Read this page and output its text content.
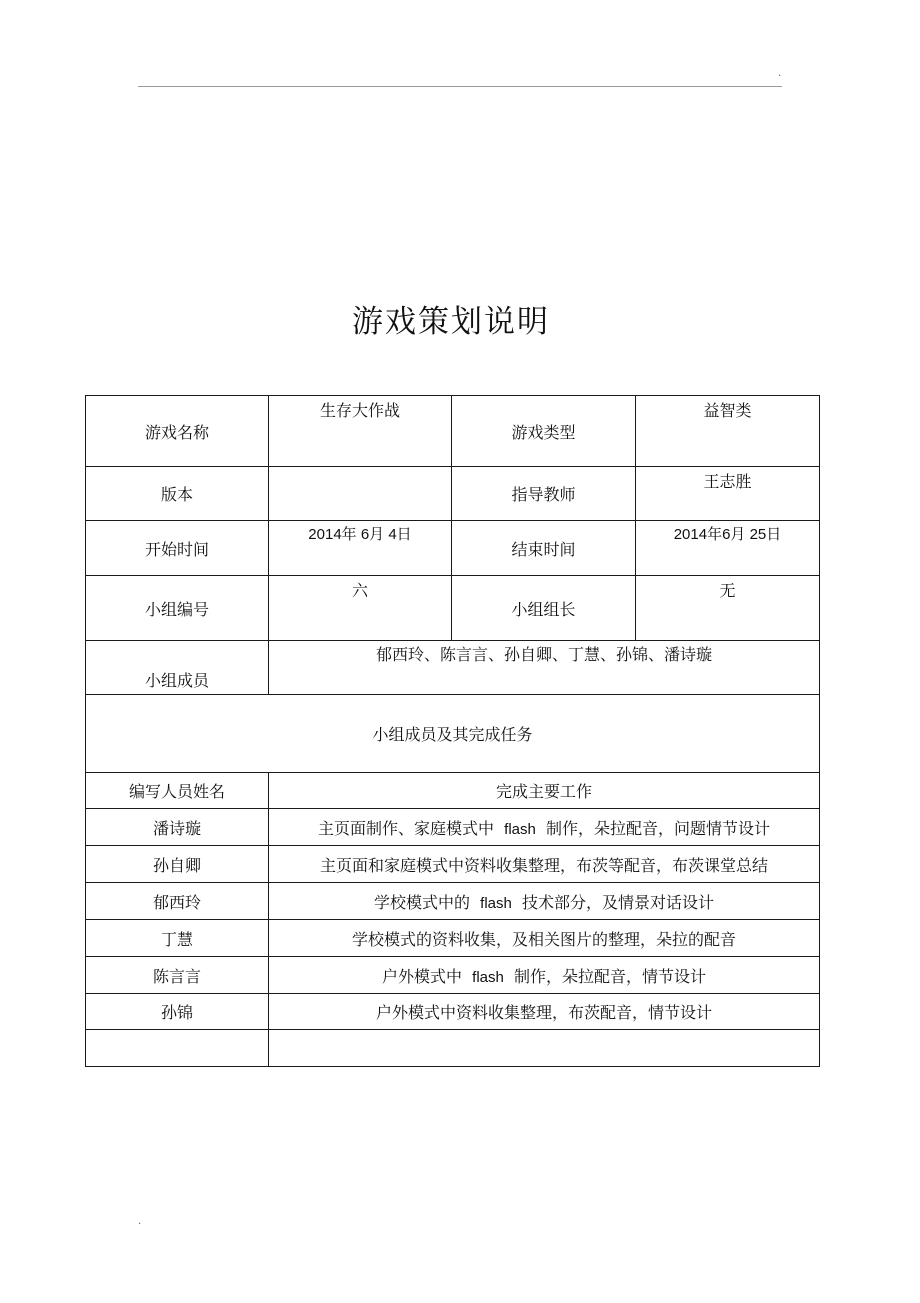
.
游戏策划说明
游戏名称	生存大作战	游戏类型	益智类

版本		指导教师	王志胜

开始时间	2014年 6月 4日	结束时间	2014年6月 25日

小组编号	六	小组组长	无

小组成员	郁西玲、陈言言、孙自卿、丁慧、孙锦、潘诗璇		

小组成员及其完成任务			

编写人员姓名	完成主要工作		
潘诗璇	主页面制作、家庭模式中 flash 制作，朵拉配音，问题情节设计		
孙自卿	主页面和家庭模式中资料收集整理，布茨等配音，布茨课堂总结		
郁西玲	学校模式中的 flash 技术部分，及情景对话设计		
丁慧	学校模式的资料收集，及相关图片的整理，朵拉的配音		
陈言言	户外模式中 flash 制作，朵拉配音，情节设计		
孙锦	户外模式中资料收集整理，布茨配音，情节设计		

.
